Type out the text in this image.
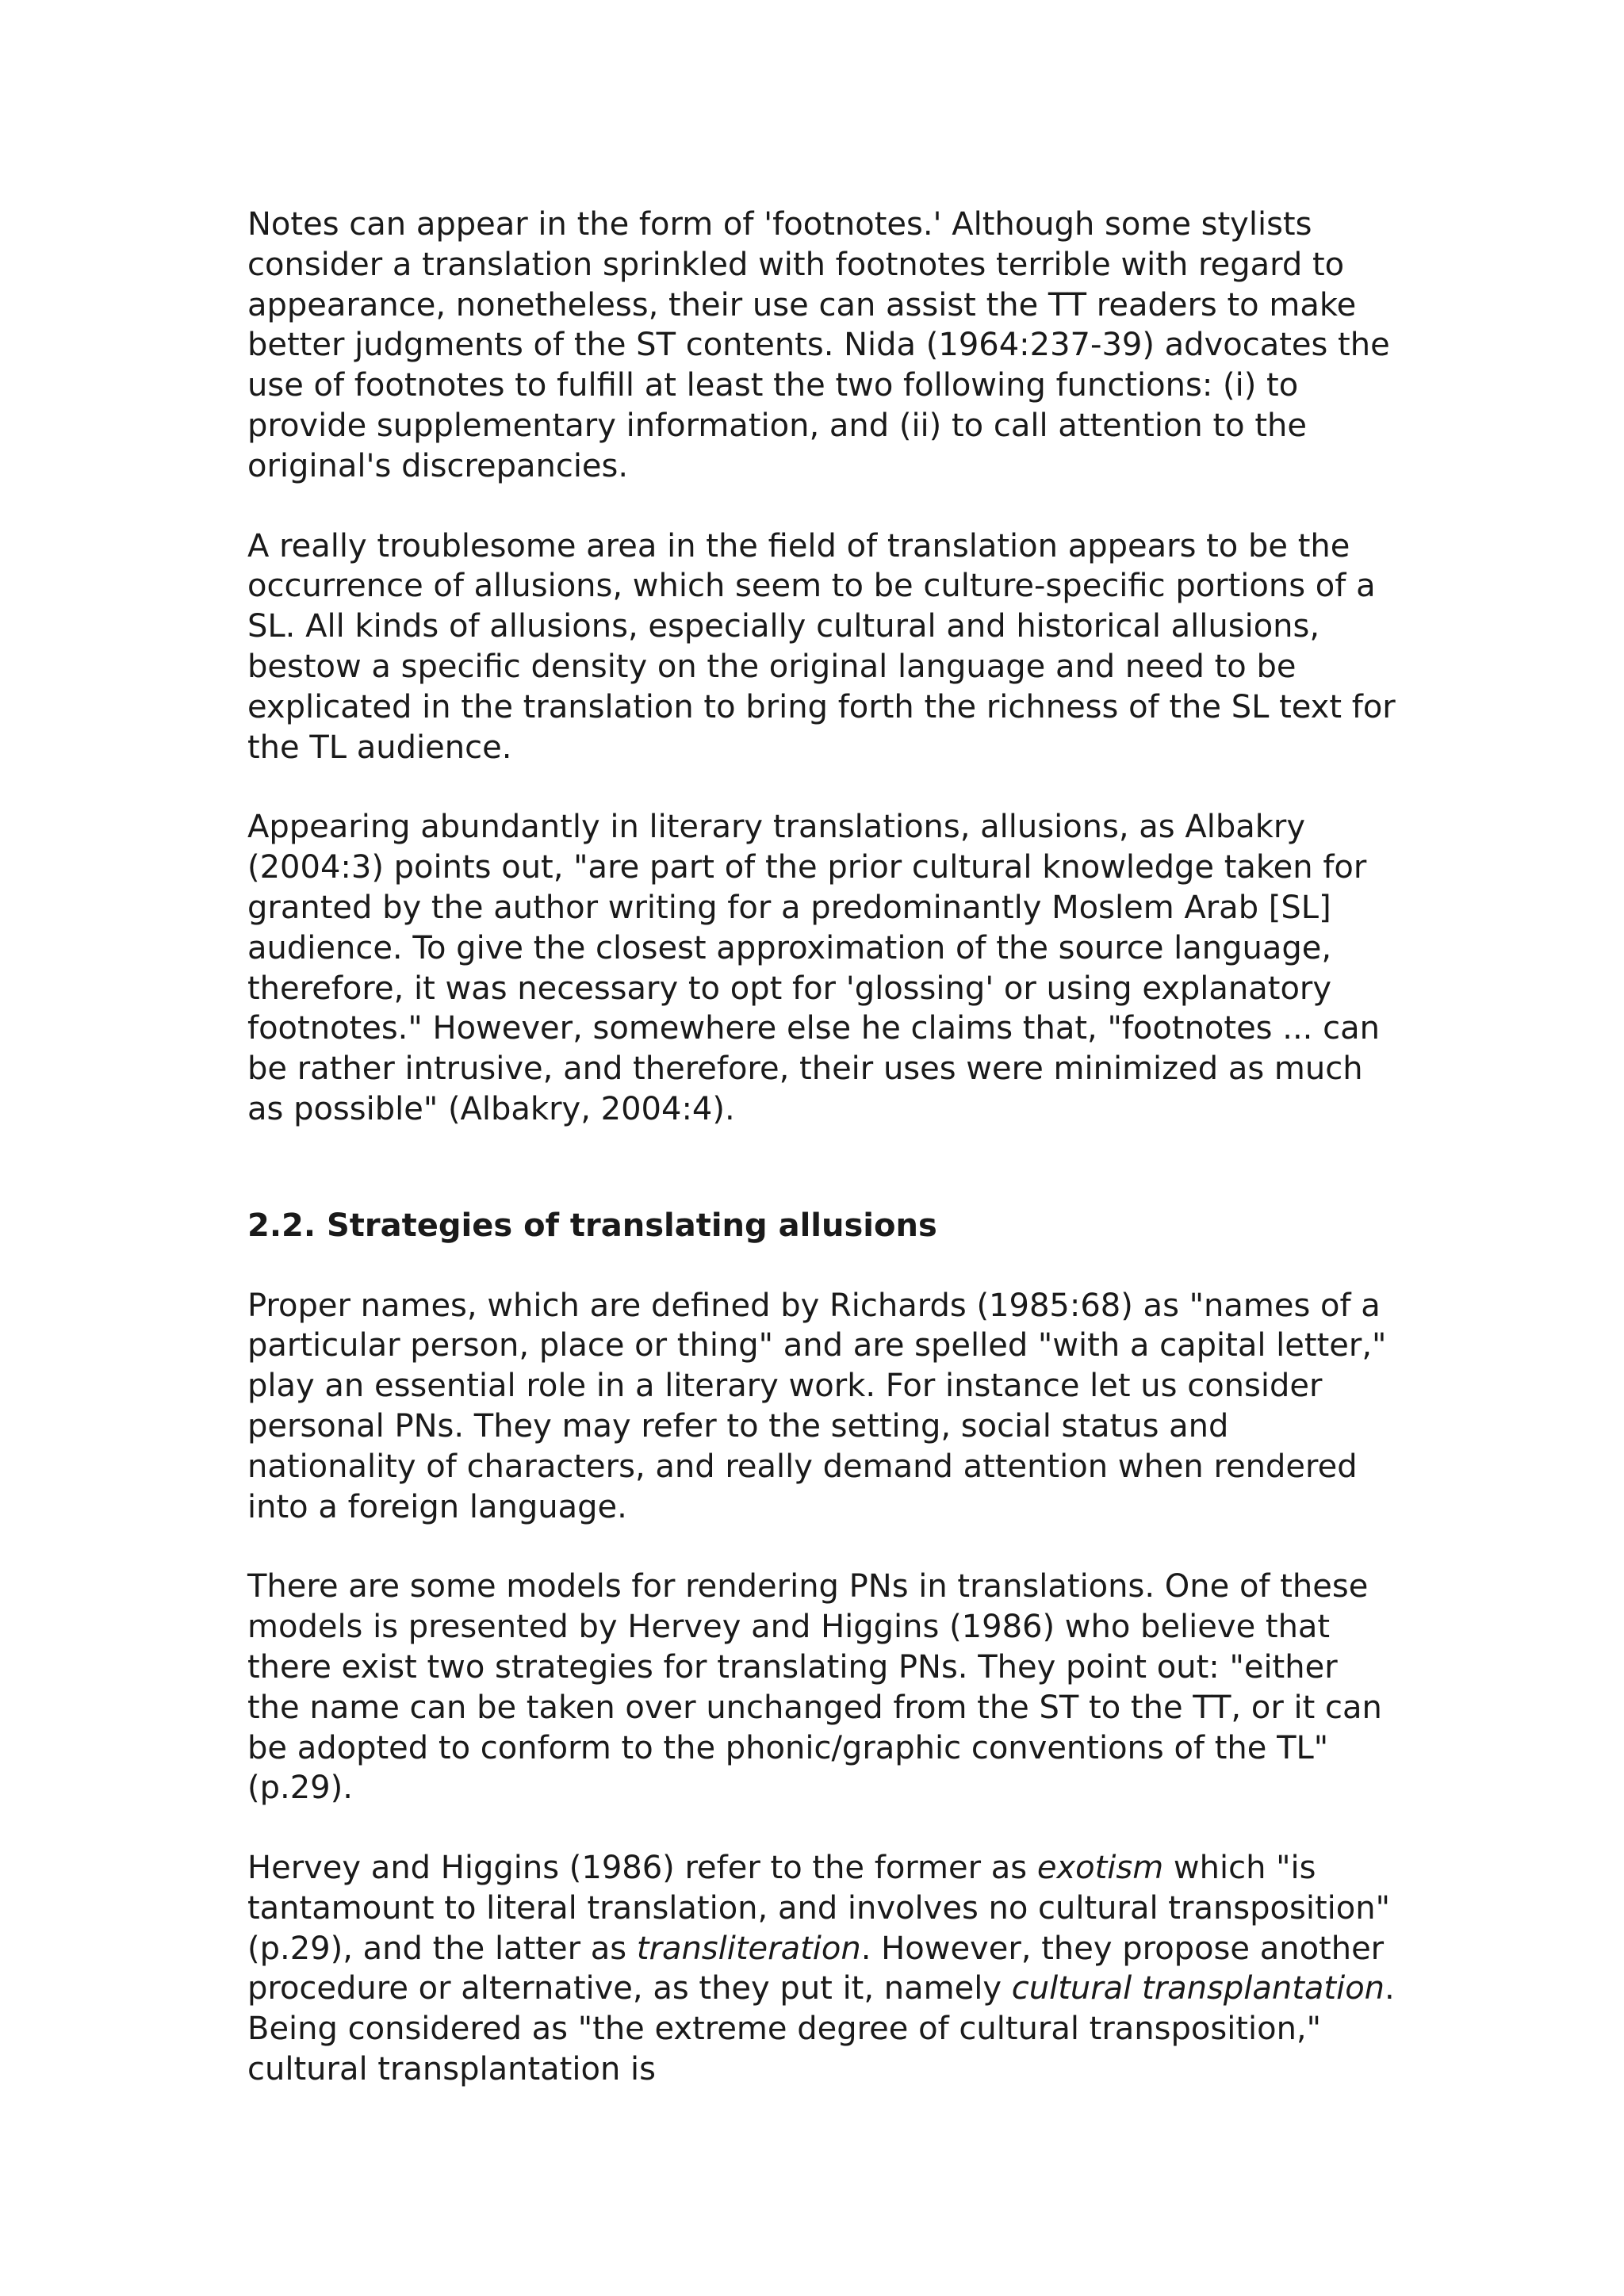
Notes can appear in the form of 'footnotes.' Although some stylists consider a translation sprinkled with footnotes terrible with regard to appearance, nonetheless, their use can assist the TT readers to make better judgments of the ST contents. Nida (1964:237-39) advocates the use of footnotes to fulfill at least the two following functions: (i) to provide supplementary information, and (ii) to call attention to the original's discrepancies.

A really troublesome area in the field of translation appears to be the occurrence of allusions, which seem to be culture-specific portions of a SL. All kinds of allusions, especially cultural and historical allusions, bestow a specific density on the original language and need to be explicated in the translation to bring forth the richness of the SL text for the TL audience.

Appearing abundantly in literary translations, allusions, as Albakry (2004:3) points out, "are part of the prior cultural knowledge taken for granted by the author writing for a predominantly Moslem Arab [SL] audience. To give the closest approximation of the source language, therefore, it was necessary to opt for 'glossing' or using explanatory footnotes." However, somewhere else he claims that, "footnotes ... can be rather intrusive, and therefore, their uses were minimized as much as possible" (Albakry, 2004:4).

2.2. Strategies of translating allusions

Proper names, which are defined by Richards (1985:68) as "names of a particular person, place or thing" and are spelled "with a capital letter," play an essential role in a literary work. For instance let us consider personal PNs. They may refer to the setting, social status and nationality of characters, and really demand attention when rendered into a foreign language.

There are some models for rendering PNs in translations. One of these models is presented by Hervey and Higgins (1986) who believe that there exist two strategies for translating PNs. They point out: "either the name can be taken over unchanged from the ST to the TT, or it can be adopted to conform to the phonic/graphic conventions of the TL" (p.29).

Hervey and Higgins (1986) refer to the former as exotism which "is tantamount to literal translation, and involves no cultural transposition" (p.29), and the latter as transliteration. However, they propose another procedure or alternative, as they put it, namely cultural transplantation. Being considered as "the extreme degree of cultural transposition," cultural transplantation is
